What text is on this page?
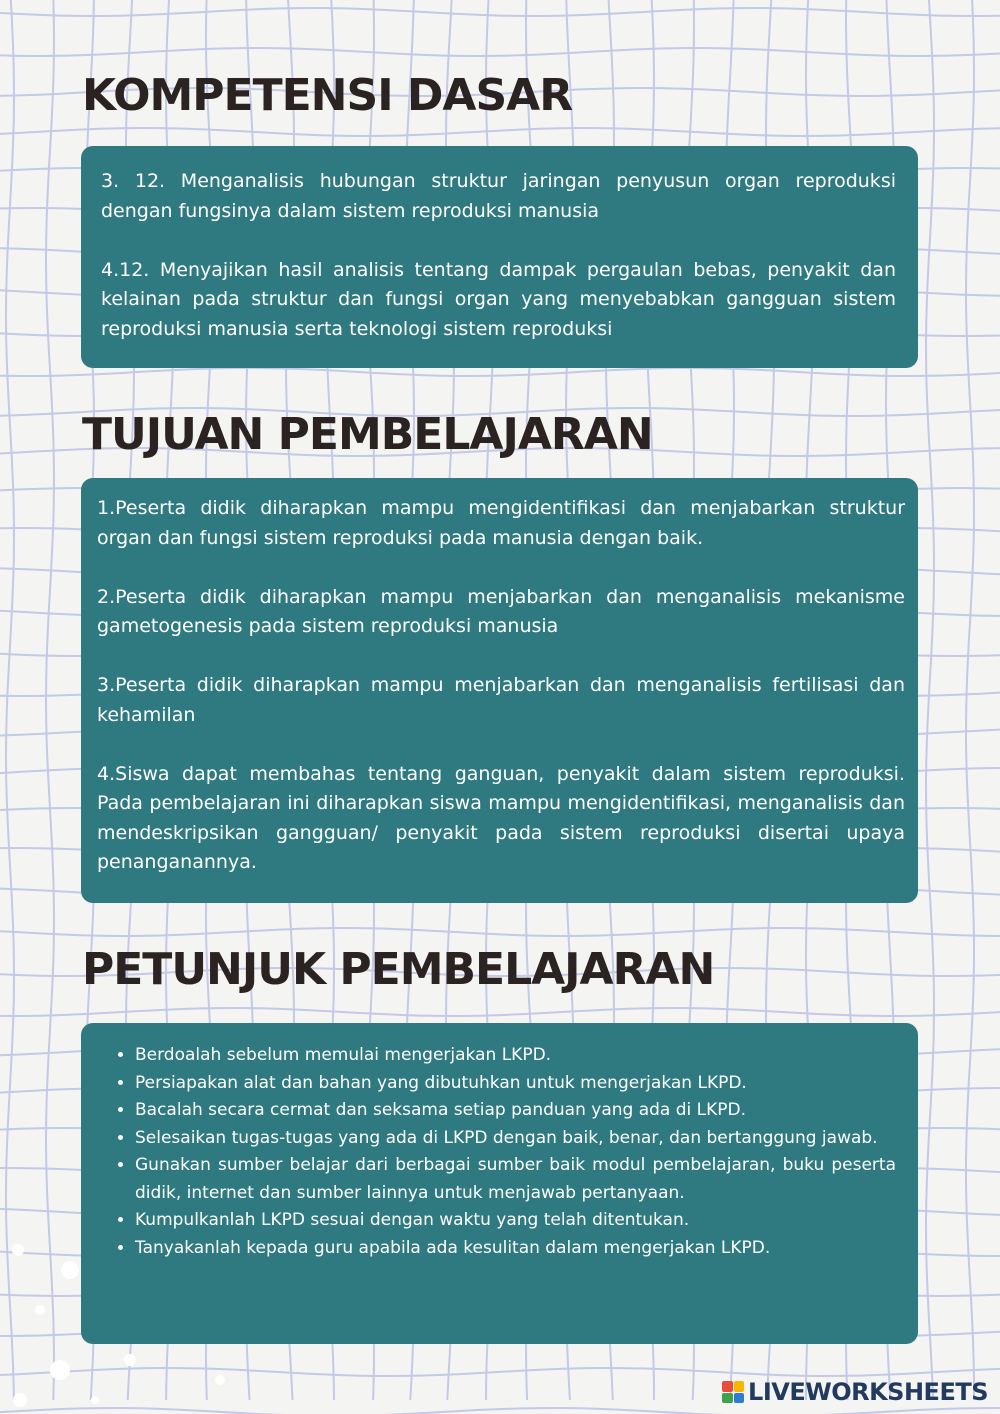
KOMPETENSI DASAR

3. 12. Menganalisis hubungan struktur jaringan penyusun organ reproduksi dengan fungsinya dalam sistem reproduksi manusia

4.12. Menyajikan hasil analisis tentang dampak pergaulan bebas, penyakit dan kelainan pada struktur dan fungsi organ yang menyebabkan gangguan sistem reproduksi manusia serta teknologi sistem reproduksi

TUJUAN PEMBELAJARAN

1.Peserta didik diharapkan mampu mengidentifikasi dan menjabarkan struktur organ dan fungsi sistem reproduksi pada manusia dengan baik.

2.Peserta didik diharapkan mampu menjabarkan dan menganalisis mekanisme gametogenesis pada sistem reproduksi manusia

3.Peserta didik diharapkan mampu menjabarkan dan menganalisis fertilisasi dan kehamilan

4.Siswa dapat membahas tentang ganguan, penyakit dalam sistem reproduksi. Pada pembelajaran ini diharapkan siswa mampu mengidentifikasi, menganalisis dan mendeskripsikan gangguan/ penyakit pada sistem reproduksi disertai upaya penanganannya.

PETUNJUK PEMBELAJARAN
• Berdoalah sebelum memulai mengerjakan LKPD.
• Persiapakan alat dan bahan yang dibutuhkan untuk mengerjakan LKPD.
• Bacalah secara cermat dan seksama setiap panduan yang ada di LKPD.
• Selesaikan tugas-tugas yang ada di LKPD dengan baik, benar, dan bertanggung jawab.
• Gunakan sumber belajar dari berbagai sumber baik modul pembelajaran, buku peserta didik, internet dan sumber lainnya untuk menjawab pertanyaan.
• Kumpulkanlah LKPD sesuai dengan waktu yang telah ditentukan.
• Tanyakanlah kepada guru apabila ada kesulitan dalam mengerjakan LKPD.
LIVEWORKSHEETS
